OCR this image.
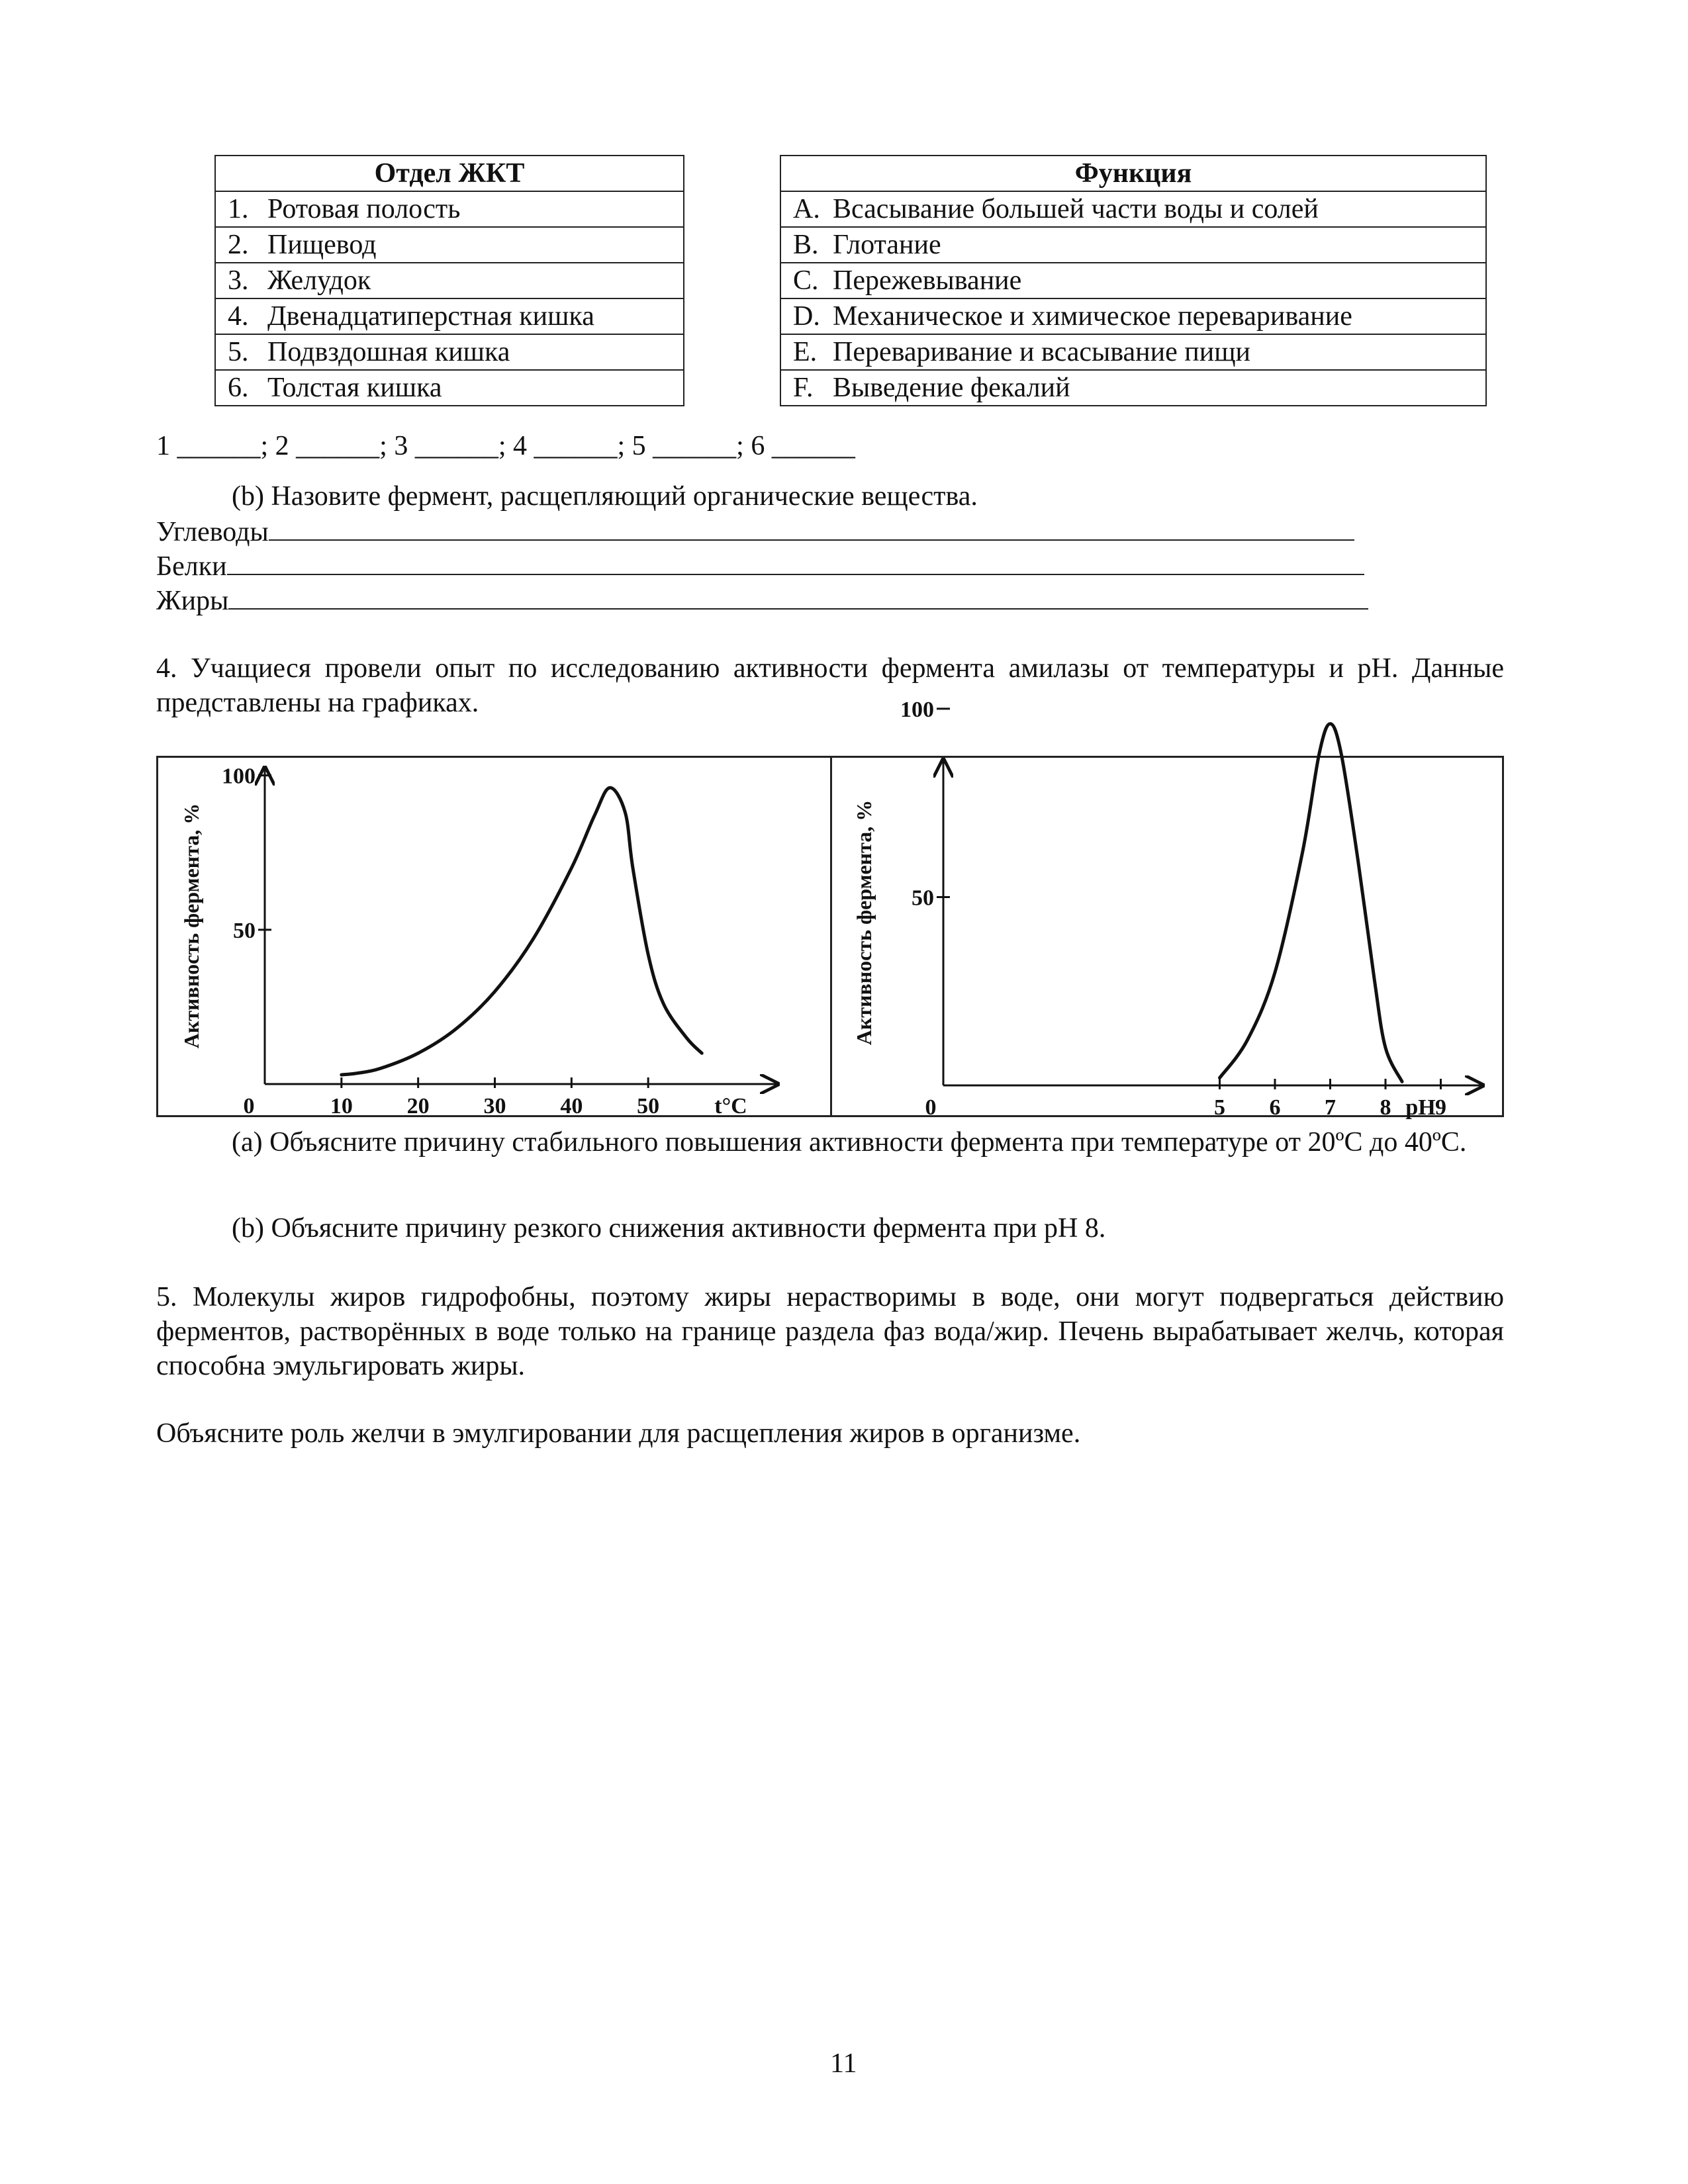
Отдел ЖКТ
1. Ротовая полость
2. Пищевод
3. Желудок
4. Двенадцатиперстная кишка
5. Подвздошная кишка
6. Толстая кишка
Функция
A. Всасывание большей части воды и солей
B. Глотание
C. Пережевывание
D. Механическое и химическое переваривание
E. Переваривание и всасывание пищи
F. Выведение фекалий
1 ______; 2 ______; 3 ______; 4 ______; 5 ______; 6 ______
(b) Назовите фермент, расщепляющий органические вещества.
Углеводы
Белки
Жиры
4. Учащиеся провели опыт по исследованию активности фермента амилазы от температуры и рН. Данные представлены на графиках.
0	10 20 30 40 50 t°C
50
100
Активность фермента, %
0	5 6 7 8 9
pH
50
100
Активность фермента, %
(a) Объясните причину стабильного повышения активности фермента при температуре от 20ºС до 40ºС.
(b) Объясните причину резкого снижения активности фермента при рН 8.
5. Молекулы жиров гидрофобны, поэтому жиры нерастворимы в воде, они могут подвергаться действию ферментов, растворённых в воде только на границе раздела фаз вода/жир. Печень вырабатывает желчь, которая способна эмульгировать жиры.
Объясните роль желчи в эмулгировании для расщепления жиров в организме.
11
